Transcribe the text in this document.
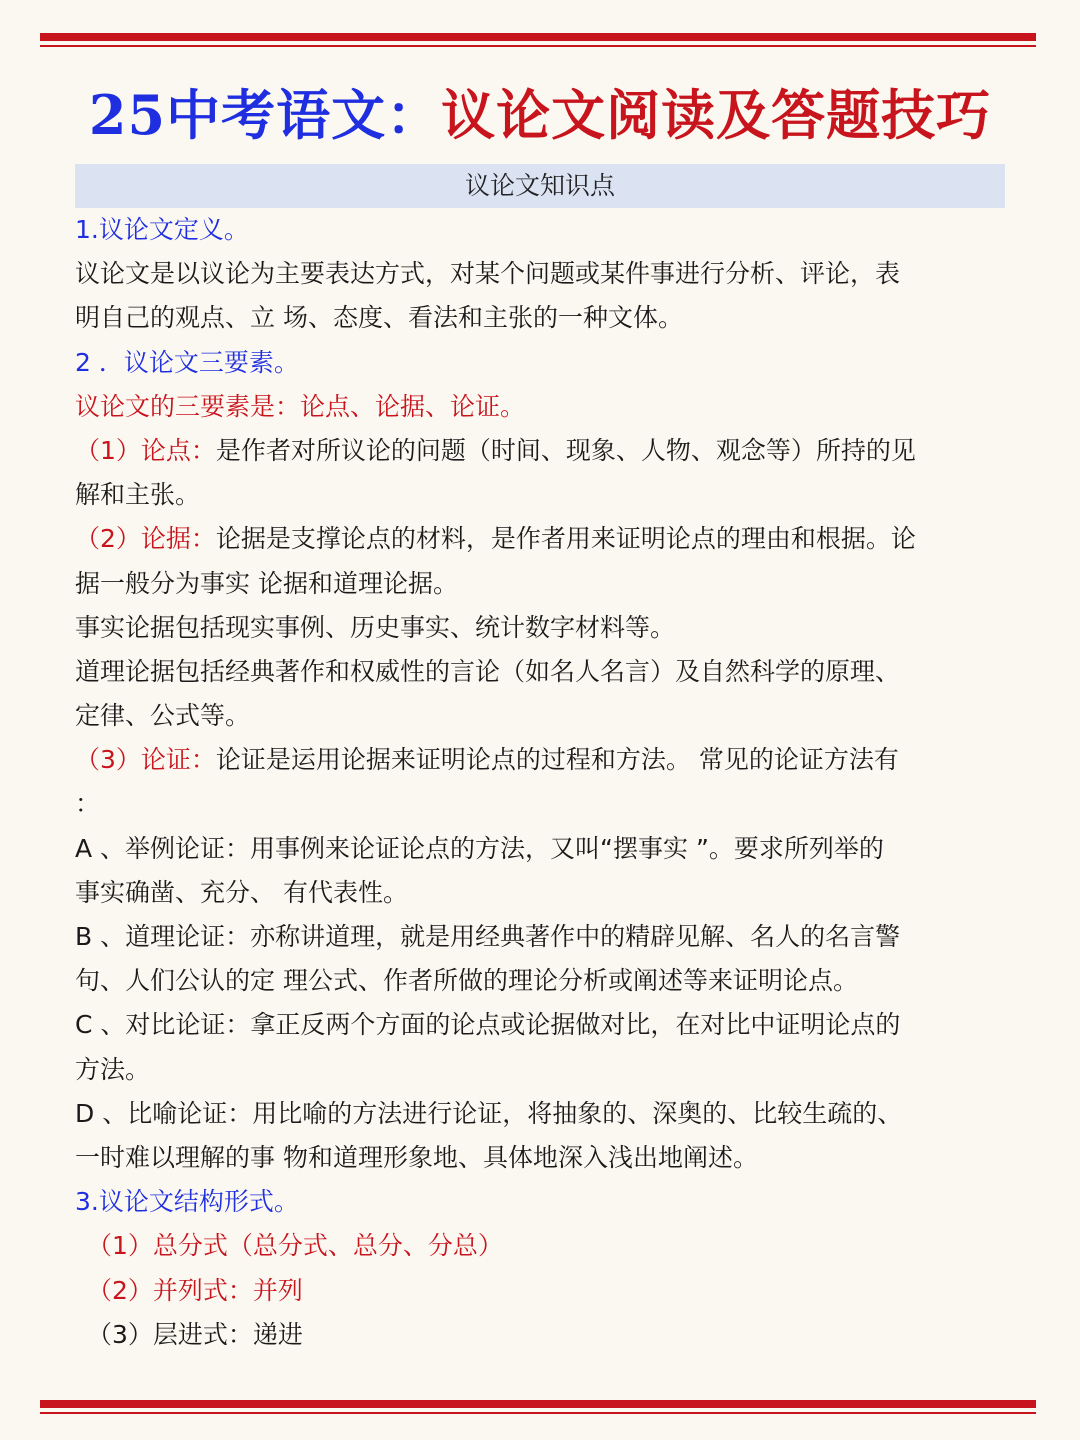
25中考语文：议论文阅读及答题技巧
议论文知识点
1.议论文定义。
议论文是以议论为主要表达方式，对某个问题或某件事进行分析、评论，表
明自己的观点、立 场、态度、看法和主张的一种文体。
2 ．议论文三要素。
议论文的三要素是：论点、论据、论证。
（1）论点：是作者对所议论的问题（时间、现象、人物、观念等）所持的见
解和主张。
（2）论据：论据是支撑论点的材料，是作者用来证明论点的理由和根据。论
据一般分为事实 论据和道理论据。
事实论据包括现实事例、历史事实、统计数字材料等。
道理论据包括经典著作和权威性的言论（如名人名言）及自然科学的原理、
定律、公式等。
（3）论证：论证是运用论据来证明论点的过程和方法。 常见的论证方法有
：
A 、举例论证：用事例来论证论点的方法，又叫“摆事实 ”。要求所列举的
事实确凿、充分、 有代表性。
B 、道理论证：亦称讲道理，就是用经典著作中的精辟见解、名人的名言警
句、人们公认的定 理公式、作者所做的理论分析或阐述等来证明论点。
C 、对比论证：拿正反两个方面的论点或论据做对比，在对比中证明论点的
方法。
D 、比喻论证：用比喻的方法进行论证，将抽象的、深奥的、比较生疏的、
一时难以理解的事 物和道理形象地、具体地深入浅出地阐述。
3.议论文结构形式。
（1）总分式（总分式、总分、分总）
（2）并列式：并列
（3）层进式：递进
